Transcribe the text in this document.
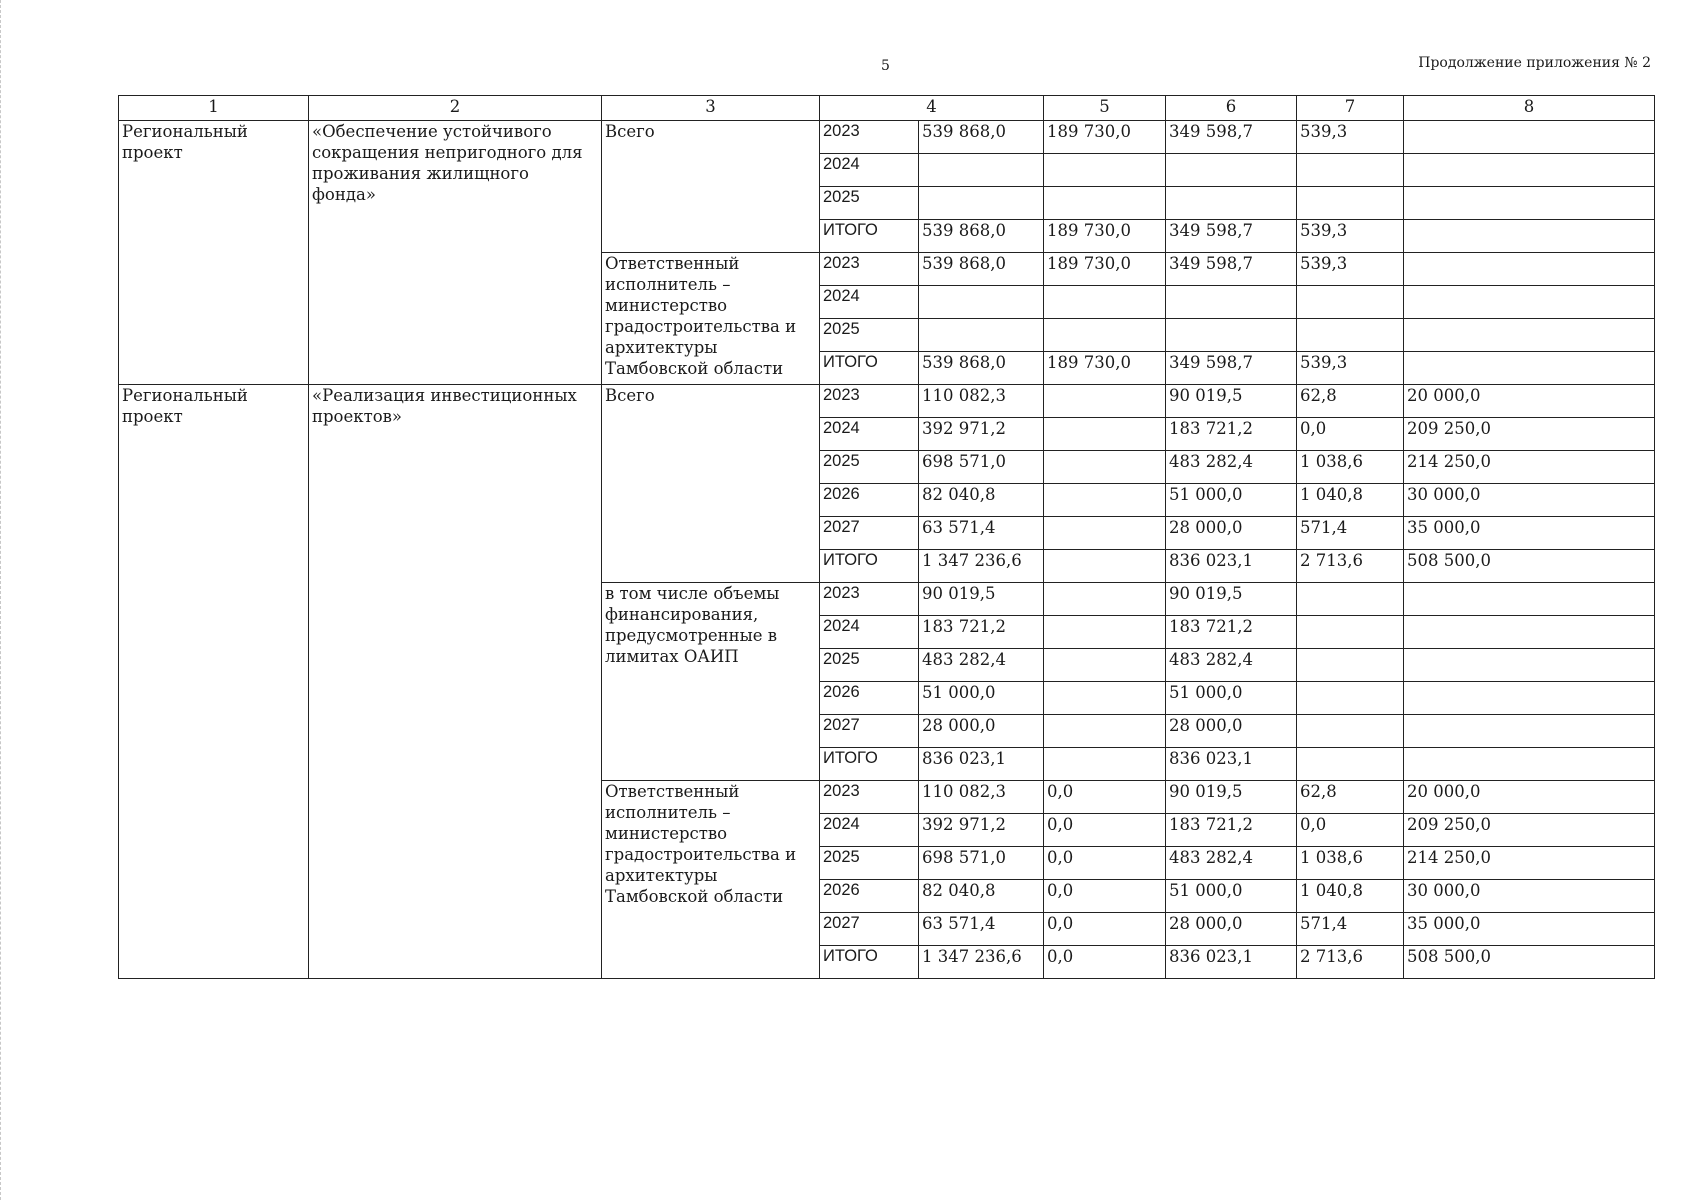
5	Продолжение приложения № 2
1	2	3	4		5	6	7	8
Региональный проект	«Обеспечение устойчивого сокращения непригодного для проживания жилищного фонда»	Всего	2023	539 868,0	189 730,0	349 598,7	539,3	
			2024					
			2025					
			ИТОГО	539 868,0	189 730,0	349 598,7	539,3	
		Ответственный исполнитель – министерство градостроительства и архитектуры Тамбовской области	2023	539 868,0	189 730,0	349 598,7	539,3	
			2024					
			2025					
			ИТОГО	539 868,0	189 730,0	349 598,7	539,3	
Региональный проект	«Реализация инвестиционных проектов»	Всего	2023	110 082,3		90 019,5	62,8	20 000,0
			2024	392 971,2		183 721,2	0,0	209 250,0
			2025	698 571,0		483 282,4	1 038,6	214 250,0
			2026	82 040,8		51 000,0	1 040,8	30 000,0
			2027	63 571,4		28 000,0	571,4	35 000,0
			ИТОГО	1 347 236,6		836 023,1	2 713,6	508 500,0
		в том числе объемы финансирования, предусмотренные в лимитах ОАИП	2023	90 019,5		90 019,5		
			2024	183 721,2		183 721,2		
			2025	483 282,4		483 282,4		
			2026	51 000,0		51 000,0		
			2027	28 000,0		28 000,0		
			ИТОГО	836 023,1		836 023,1		
		Ответственный исполнитель – министерство градостроительства и архитектуры Тамбовской области	2023	110 082,3	0,0	90 019,5	62,8	20 000,0
			2024	392 971,2	0,0	183 721,2	0,0	209 250,0
			2025	698 571,0	0,0	483 282,4	1 038,6	214 250,0
			2026	82 040,8	0,0	51 000,0	1 040,8	30 000,0
			2027	63 571,4	0,0	28 000,0	571,4	35 000,0
			ИТОГО	1 347 236,6	0,0	836 023,1	2 713,6	508 500,0
